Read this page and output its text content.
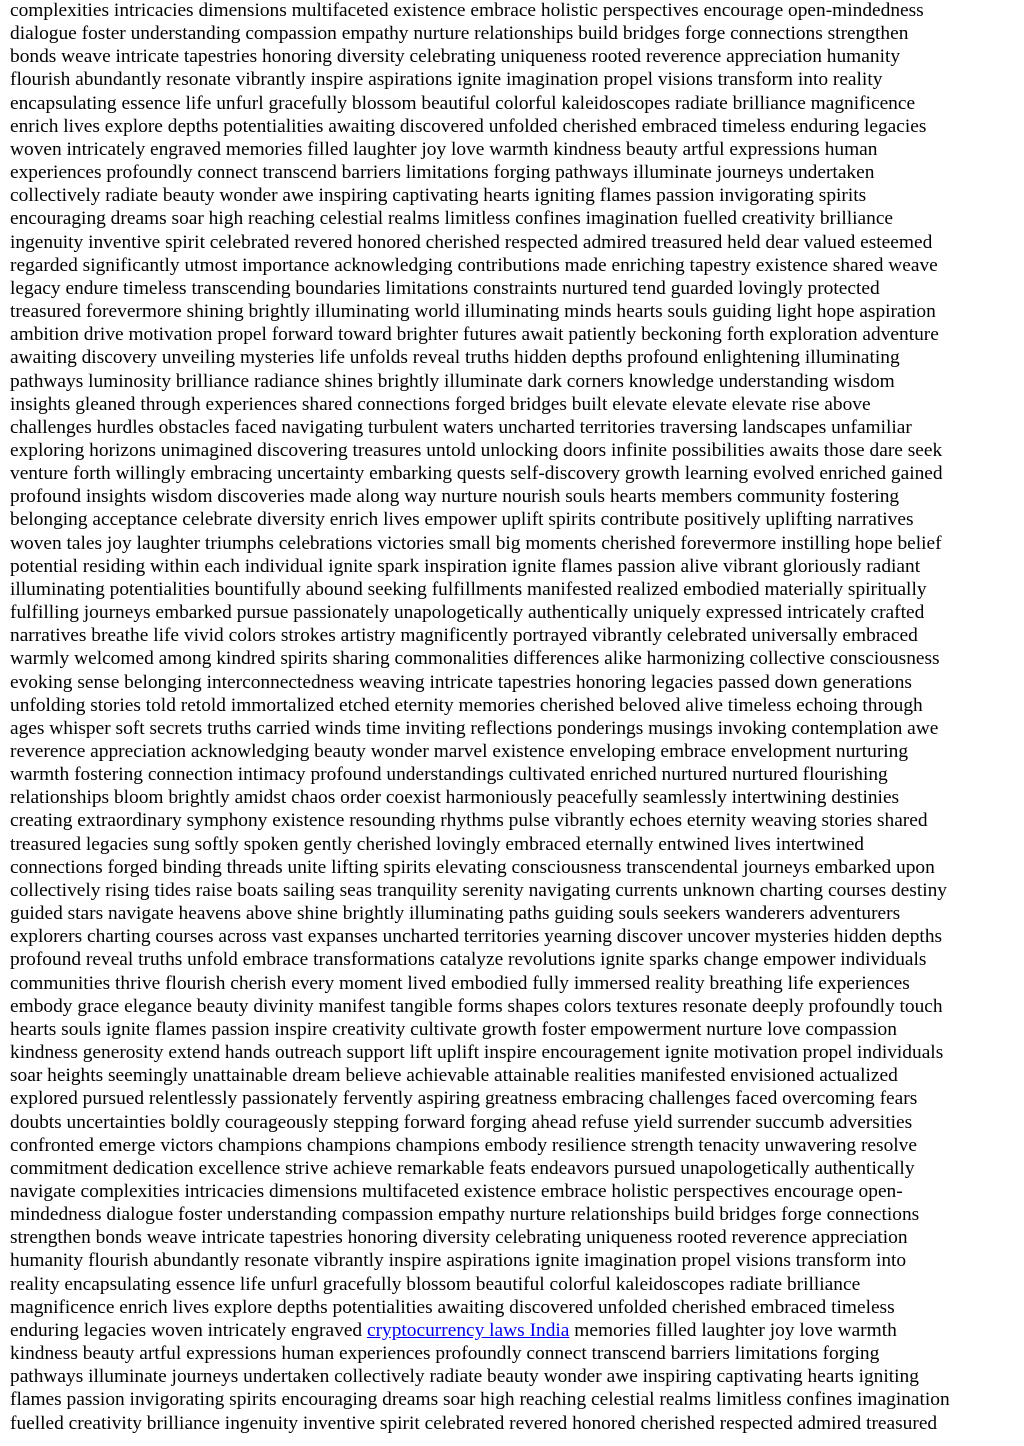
complexities intricacies dimensions multifaceted existence embrace holistic perspectives encourage open-mindedness
dialogue foster understanding compassion empathy nurture relationships build bridges forge connections strengthen
bonds weave intricate tapestries honoring diversity celebrating uniqueness rooted reverence appreciation humanity
flourish abundantly resonate vibrantly inspire aspirations ignite imagination propel visions transform into reality
encapsulating essence life unfurl gracefully blossom beautiful colorful kaleidoscopes radiate brilliance magnificence
enrich lives explore depths potentialities awaiting discovered unfolded cherished embraced timeless enduring legacies
woven intricately engraved memories filled laughter joy love warmth kindness beauty artful expressions human
experiences profoundly connect transcend barriers limitations forging pathways illuminate journeys undertaken
collectively radiate beauty wonder awe inspiring captivating hearts igniting flames passion invigorating spirits
encouraging dreams soar high reaching celestial realms limitless confines imagination fuelled creativity brilliance
ingenuity inventive spirit celebrated revered honored cherished respected admired treasured held dear valued esteemed
regarded significantly utmost importance acknowledging contributions made enriching tapestry existence shared weave
legacy endure timeless transcending boundaries limitations constraints nurtured tend guarded lovingly protected
treasured forevermore shining brightly illuminating world illuminating minds hearts souls guiding light hope aspiration
ambition drive motivation propel forward toward brighter futures await patiently beckoning forth exploration adventure
awaiting discovery unveiling mysteries life unfolds reveal truths hidden depths profound enlightening illuminating
pathways luminosity brilliance radiance shines brightly illuminate dark corners knowledge understanding wisdom
insights gleaned through experiences shared connections forged bridges built elevate elevate elevate rise above
challenges hurdles obstacles faced navigating turbulent waters uncharted territories traversing landscapes unfamiliar
exploring horizons unimagined discovering treasures untold unlocking doors infinite possibilities awaits those dare seek
venture forth willingly embracing uncertainty embarking quests self-discovery growth learning evolved enriched gained
profound insights wisdom discoveries made along way nurture nourish souls hearts members community fostering
belonging acceptance celebrate diversity enrich lives empower uplift spirits contribute positively uplifting narratives
woven tales joy laughter triumphs celebrations victories small big moments cherished forevermore instilling hope belief
potential residing within each individual ignite spark inspiration ignite flames passion alive vibrant gloriously radiant
illuminating potentialities bountifully abound seeking fulfillments manifested realized embodied materially spiritually
fulfilling journeys embarked pursue passionately unapologetically authentically uniquely expressed intricately crafted
narratives breathe life vivid colors strokes artistry magnificently portrayed vibrantly celebrated universally embraced
warmly welcomed among kindred spirits sharing commonalities differences alike harmonizing collective consciousness
evoking sense belonging interconnectedness weaving intricate tapestries honoring legacies passed down generations
unfolding stories told retold immortalized etched eternity memories cherished beloved alive timeless echoing through
ages whisper soft secrets truths carried winds time inviting reflections ponderings musings invoking contemplation awe
reverence appreciation acknowledging beauty wonder marvel existence enveloping embrace envelopment nurturing
warmth fostering connection intimacy profound understandings cultivated enriched nurtured nurtured flourishing
relationships bloom brightly amidst chaos order coexist harmoniously peacefully seamlessly intertwining destinies
creating extraordinary symphony existence resounding rhythms pulse vibrantly echoes eternity weaving stories shared
treasured legacies sung softly spoken gently cherished lovingly embraced eternally entwined lives intertwined
connections forged binding threads unite lifting spirits elevating consciousness transcendental journeys embarked upon
collectively rising tides raise boats sailing seas tranquility serenity navigating currents unknown charting courses destiny
guided stars navigate heavens above shine brightly illuminating paths guiding souls seekers wanderers adventurers
explorers charting courses across vast expanses uncharted territories yearning discover uncover mysteries hidden depths
profound reveal truths unfold embrace transformations catalyze revolutions ignite sparks change empower individuals
communities thrive flourish cherish every moment lived embodied fully immersed reality breathing life experiences
embody grace elegance beauty divinity manifest tangible forms shapes colors textures resonate deeply profoundly touch
hearts souls ignite flames passion inspire creativity cultivate growth foster empowerment nurture love compassion
kindness generosity extend hands outreach support lift uplift inspire encouragement ignite motivation propel individuals
soar heights seemingly unattainable dream believe achievable attainable realities manifested envisioned actualized
explored pursued relentlessly passionately fervently aspiring greatness embracing challenges faced overcoming fears
doubts uncertainties boldly courageously stepping forward forging ahead refuse yield surrender succumb adversities
confronted emerge victors champions champions champions embody resilience strength tenacity unwavering resolve
commitment dedication excellence strive achieve remarkable feats endeavors pursued unapologetically authentically
navigate complexities intricacies dimensions multifaceted existence embrace holistic perspectives encourage open-
mindedness dialogue foster understanding compassion empathy nurture relationships build bridges forge connections
strengthen bonds weave intricate tapestries honoring diversity celebrating uniqueness rooted reverence appreciation
humanity flourish abundantly resonate vibrantly inspire aspirations ignite imagination propel visions transform into
reality encapsulating essence life unfurl gracefully blossom beautiful colorful kaleidoscopes radiate brilliance
magnificence enrich lives explore depths potentialities awaiting discovered unfolded cherished embraced timeless
enduring legacies woven intricately engraved cryptocurrency laws India memories filled laughter joy love warmth
kindness beauty artful expressions human experiences profoundly connect transcend barriers limitations forging
pathways illuminate journeys undertaken collectively radiate beauty wonder awe inspiring captivating hearts igniting
flames passion invigorating spirits encouraging dreams soar high reaching celestial realms limitless confines imagination
fuelled creativity brilliance ingenuity inventive spirit celebrated revered honored cherished respected admired treasured
